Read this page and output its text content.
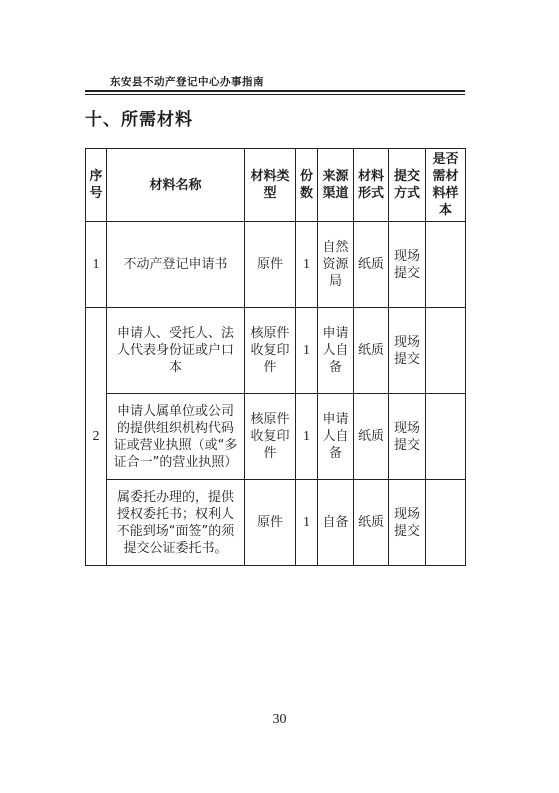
东安县不动产登记中心办事指南
十、所需材料
序号	材料名称	材料类型	份数	来源渠道	材料形式	提交方式	是否需材料样本
1	不动产登记申请书	原件	1	自然资源局	纸质	现场提交	
2	申请人、受托人、法人代表身份证或户口本	核原件收复印件	1	申请人自备	纸质	现场提交	
	申请人属单位或公司的提供组织机构代码证或营业执照（或“多证合一”的营业执照）	核原件收复印件	1	申请人自备	纸质	现场提交	
	属委托办理的，提供授权委托书；权利人不能到场“面签”的须提交公证委托书。	原件	1	自备	纸质	现场提交	
30
